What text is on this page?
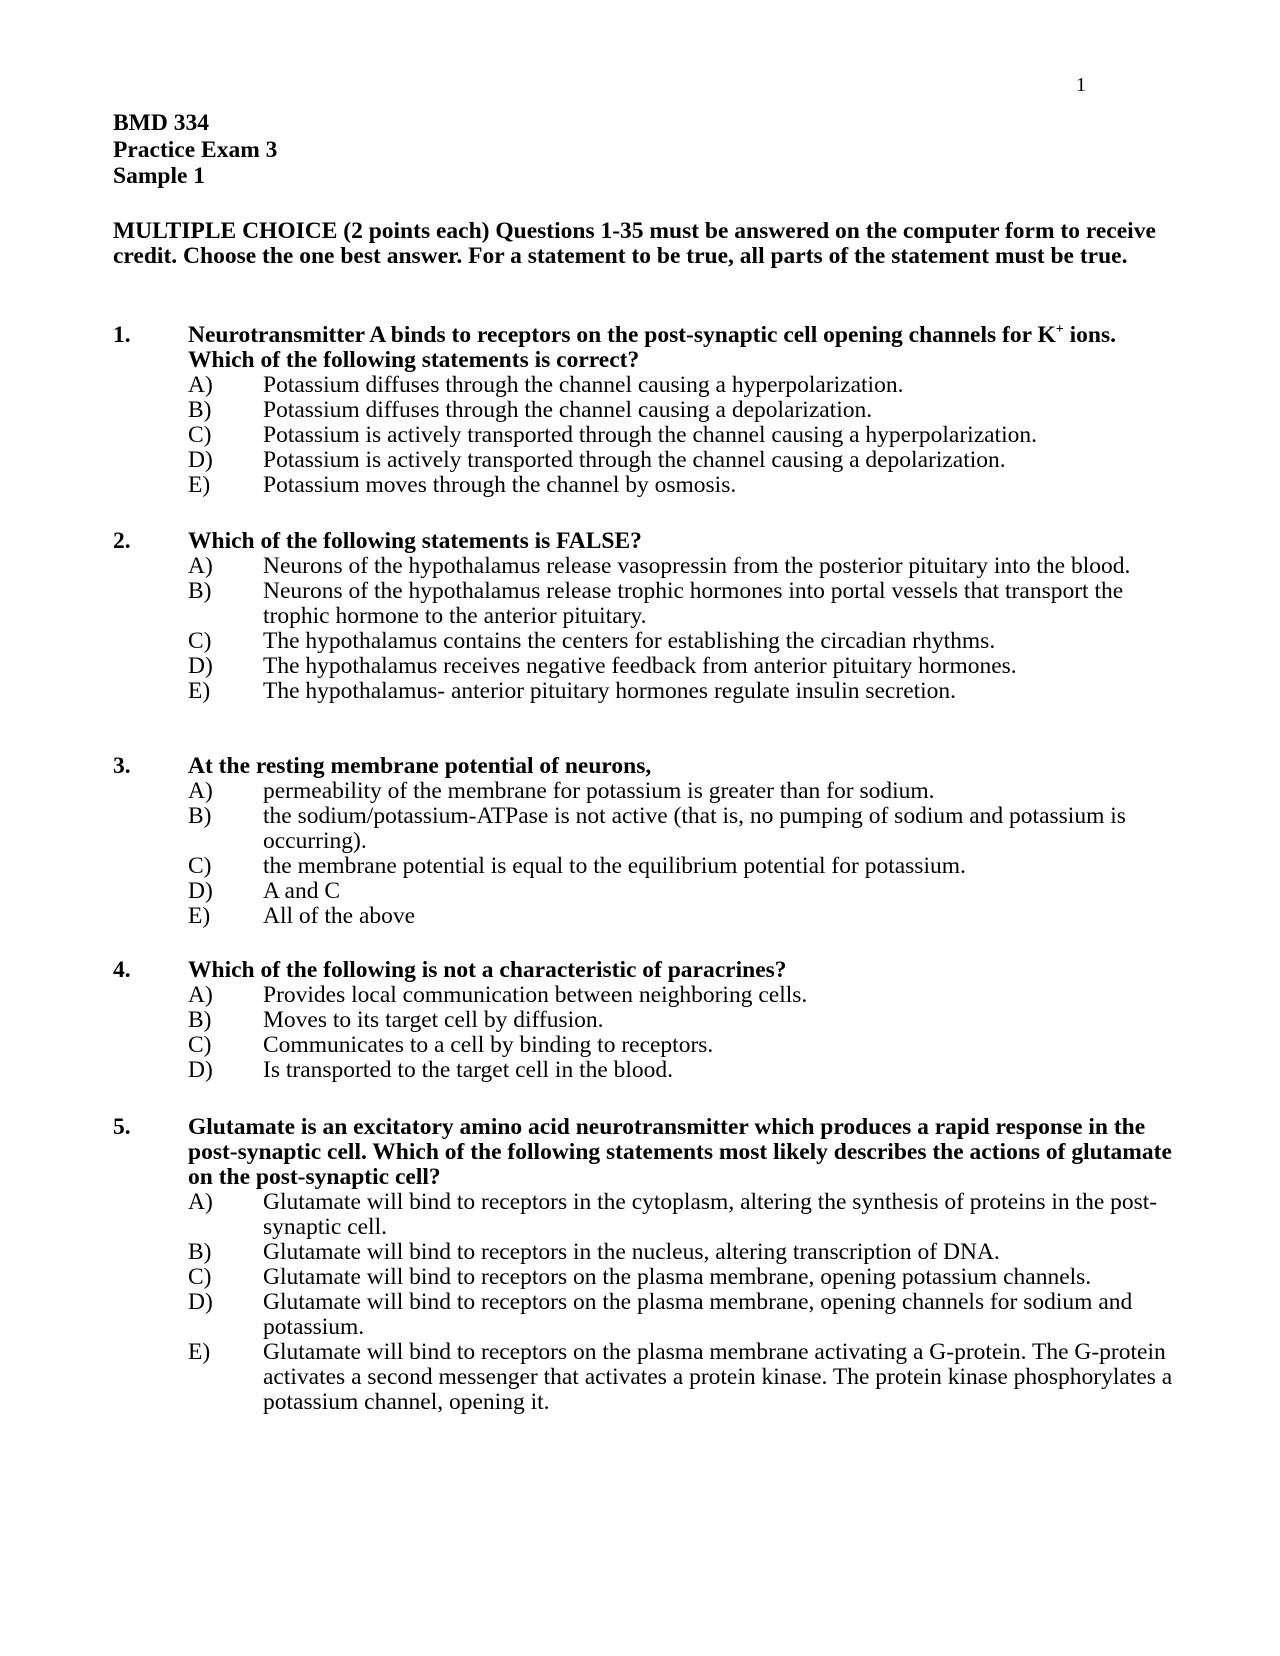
1
BMD 334
Practice Exam 3
Sample 1
MULTIPLE CHOICE (2 points each) Questions 1-35 must be answered on the computer form to receive credit. Choose the one best answer. For a statement to be true, all parts of the statement must be true.
1. Neurotransmitter A binds to receptors on the post-synaptic cell opening channels for K+ ions. Which of the following statements is correct?
A) Potassium diffuses through the channel causing a hyperpolarization.
B) Potassium diffuses through the channel causing a depolarization.
C) Potassium is actively transported through the channel causing a hyperpolarization.
D) Potassium is actively transported through the channel causing a depolarization.
E) Potassium moves through the channel by osmosis.
2. Which of the following statements is FALSE?
A) Neurons of the hypothalamus release vasopressin from the posterior pituitary into the blood.
B) Neurons of the hypothalamus release trophic hormones into portal vessels that transport the trophic hormone to the anterior pituitary.
C) The hypothalamus contains the centers for establishing the circadian rhythms.
D) The hypothalamus receives negative feedback from anterior pituitary hormones.
E) The hypothalamus- anterior pituitary hormones regulate insulin secretion.
3. At the resting membrane potential of neurons,
A) permeability of the membrane for potassium is greater than for sodium.
B) the sodium/potassium-ATPase is not active (that is, no pumping of sodium and potassium is occurring).
C) the membrane potential is equal to the equilibrium potential for potassium.
D) A and C
E) All of the above
4. Which of the following is not a characteristic of paracrines?
A) Provides local communication between neighboring cells.
B) Moves to its target cell by diffusion.
C) Communicates to a cell by binding to receptors.
D) Is transported to the target cell in the blood.
5. Glutamate is an excitatory amino acid neurotransmitter which produces a rapid response in the post-synaptic cell. Which of the following statements most likely describes the actions of glutamate on the post-synaptic cell?
A) Glutamate will bind to receptors in the cytoplasm, altering the synthesis of proteins in the post-synaptic cell.
B) Glutamate will bind to receptors in the nucleus, altering transcription of DNA.
C) Glutamate will bind to receptors on the plasma membrane, opening potassium channels.
D) Glutamate will bind to receptors on the plasma membrane, opening channels for sodium and potassium.
E) Glutamate will bind to receptors on the plasma membrane activating a G-protein. The G-protein activates a second messenger that activates a protein kinase. The protein kinase phosphorylates a potassium channel, opening it.
